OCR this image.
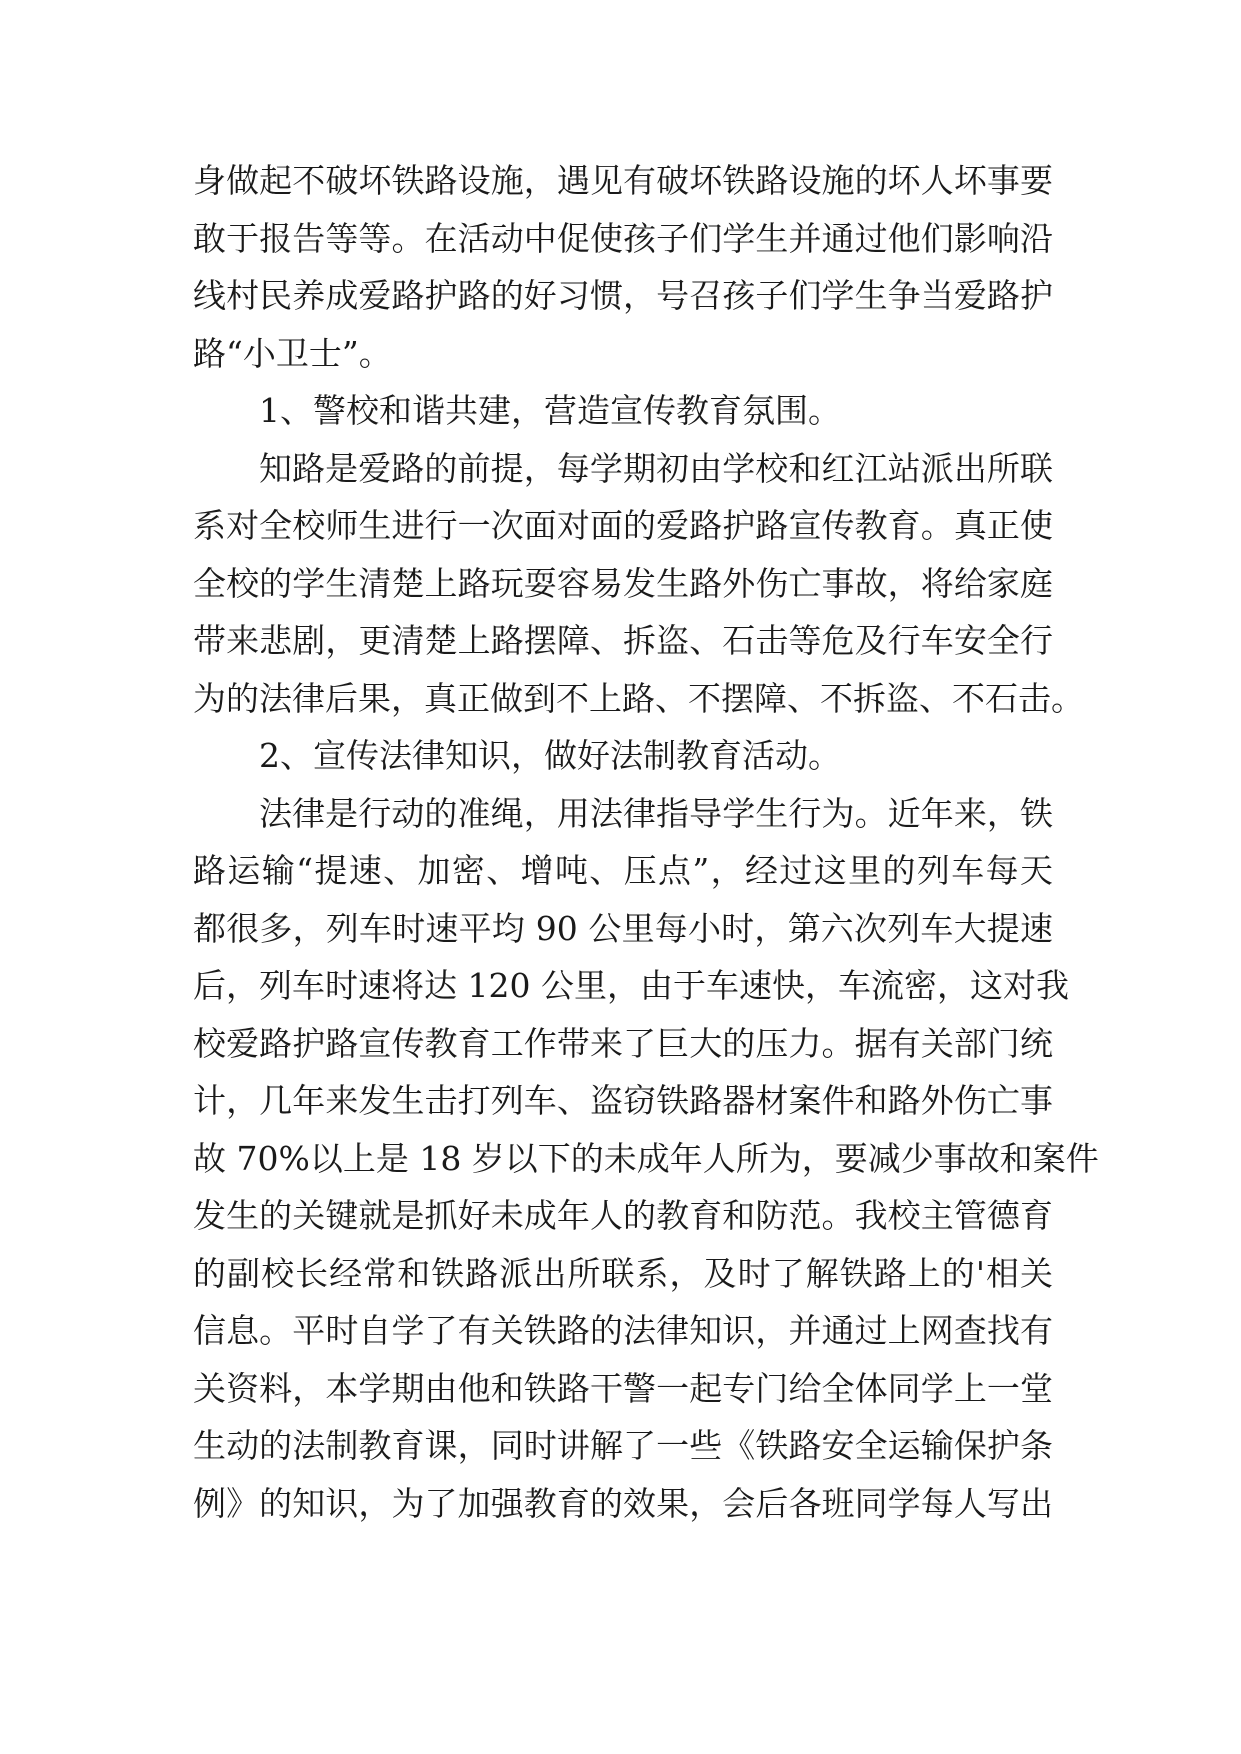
身做起不破坏铁路设施，遇见有破坏铁路设施的坏人坏事要
敢于报告等等。在活动中促使孩子们学生并通过他们影响沿
线村民养成爱路护路的好习惯，号召孩子们学生争当爱路护
路“小卫士”。
1、警校和谐共建，营造宣传教育氛围。
知路是爱路的前提，每学期初由学校和红江站派出所联
系对全校师生进行一次面对面的爱路护路宣传教育。真正使
全校的学生清楚上路玩耍容易发生路外伤亡事故，将给家庭
带来悲剧，更清楚上路摆障、拆盗、石击等危及行车安全行
为的法律后果，真正做到不上路、不摆障、不拆盗、不石击。
2、宣传法律知识，做好法制教育活动。
法律是行动的准绳，用法律指导学生行为。近年来，铁
路运输“提速、加密、增吨、压点”，经过这里的列车每天
都很多，列车时速平均 90 公里每小时，第六次列车大提速
后，列车时速将达 120 公里，由于车速快，车流密，这对我
校爱路护路宣传教育工作带来了巨大的压力。据有关部门统
计，几年来发生击打列车、盗窃铁路器材案件和路外伤亡事
故 70%以上是 18 岁以下的未成年人所为，要减少事故和案件
发生的关键就是抓好未成年人的教育和防范。我校主管德育
的副校长经常和铁路派出所联系，及时了解铁路上的'相关
信息。平时自学了有关铁路的法律知识，并通过上网查找有
关资料，本学期由他和铁路干警一起专门给全体同学上一堂
生动的法制教育课，同时讲解了一些《铁路安全运输保护条
例》的知识，为了加强教育的效果，会后各班同学每人写出
